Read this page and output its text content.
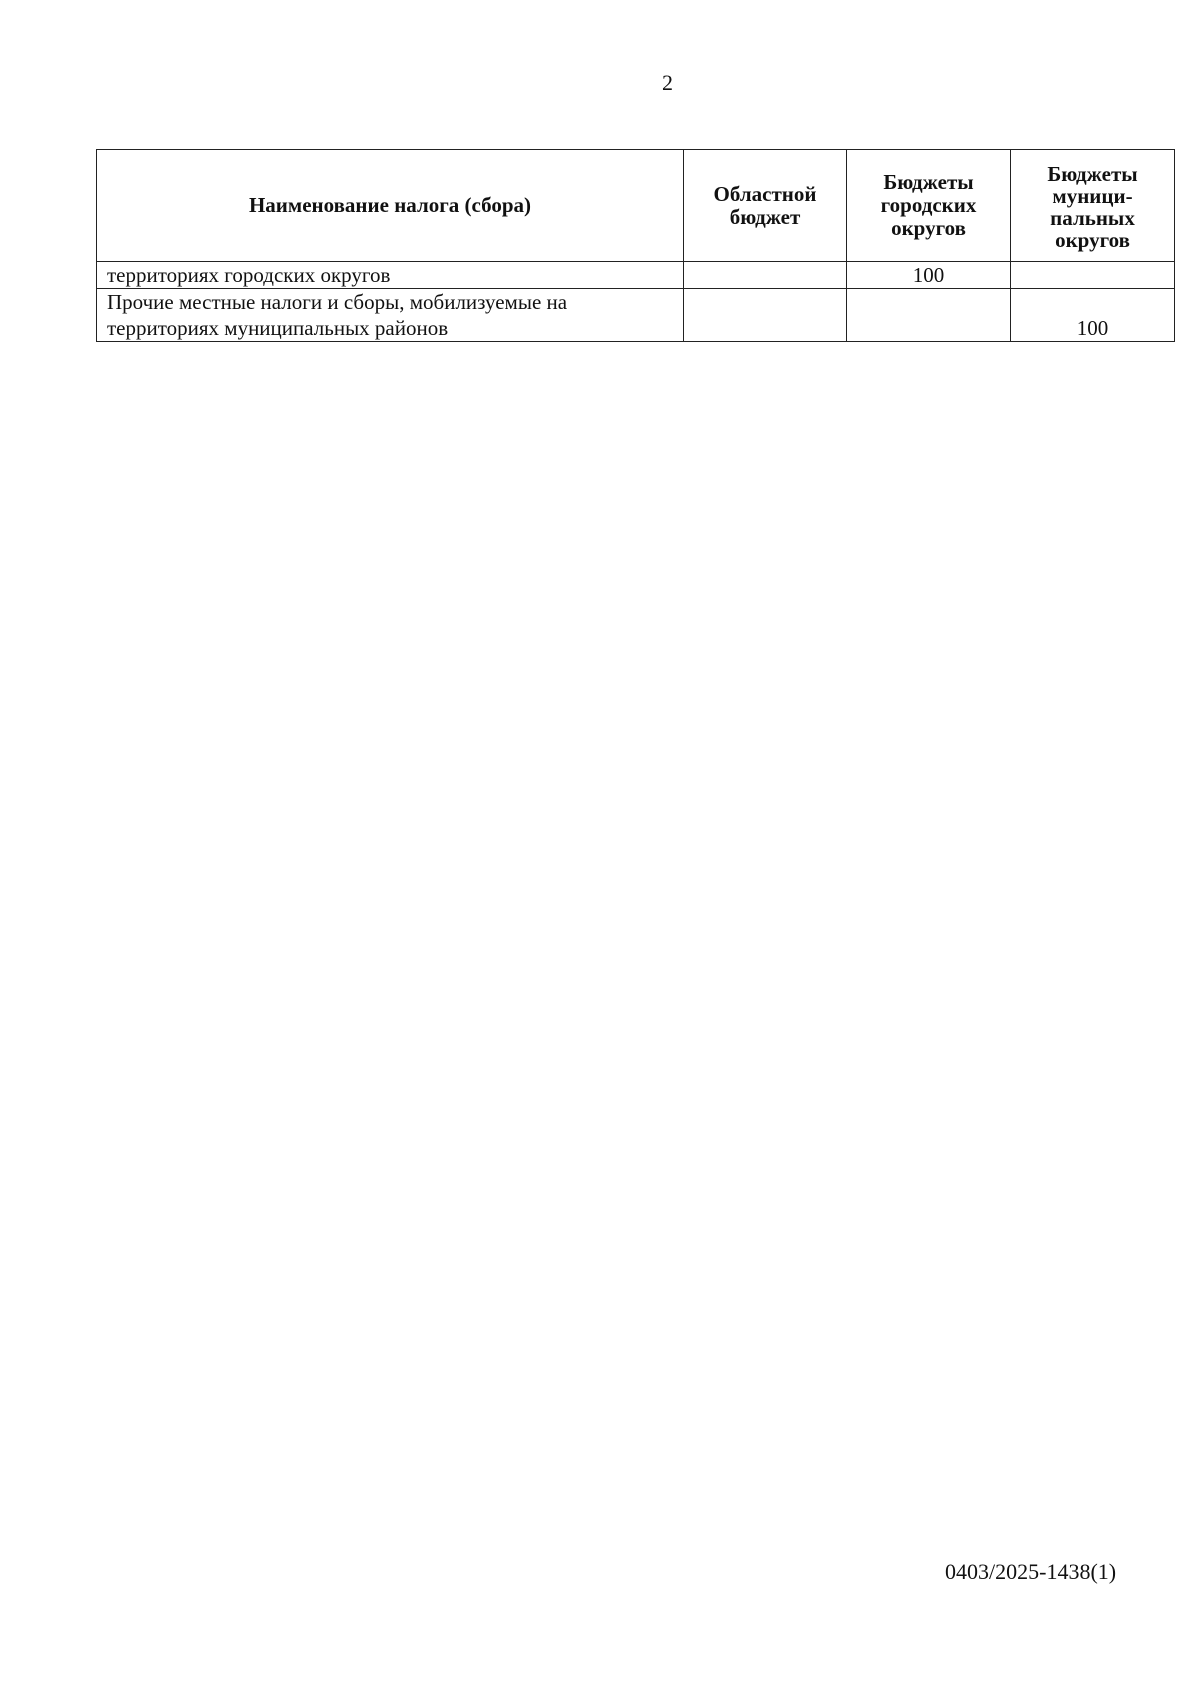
2
Наименование налога (сбора)	Областной бюджет	Бюджеты городских округов	Бюджеты муници-пальных округов
территориях городских округов		100	

Прочие местные налоги и сборы, мобилизуемые на
территориях муниципальных районов			100
0403/2025-1438(1)
